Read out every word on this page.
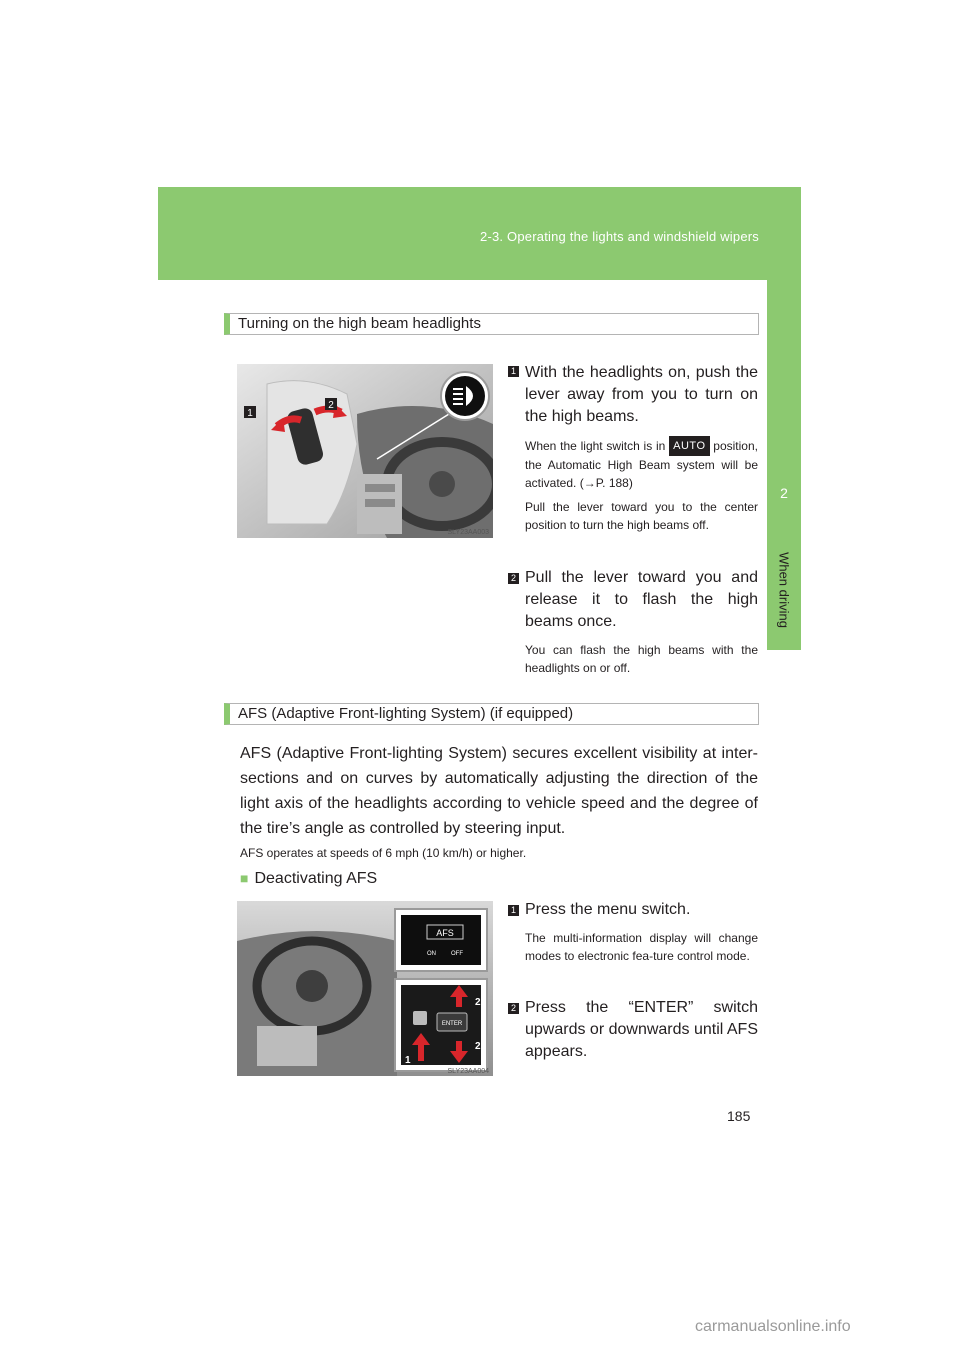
2-3. Operating the lights and windshield wipers
2
When driving
Turning on the high beam headlights
1
2
SLY23AA003
1 With the headlights on, push the lever away from you to turn on the high beams.
When the light switch is in AUTO position, the Automatic High Beam system will be activated. (→P. 188)
Pull the lever toward you to the center position to turn the high beams off.
2 Pull the lever toward you and release it to flash the high beams once.
You can flash the high beams with the headlights on or off.
AFS (Adaptive Front-lighting System) (if equipped)
AFS (Adaptive Front-lighting System) secures excellent visibility at inter-sections and on curves by automatically adjusting the direction of the light axis of the headlights according to vehicle speed and the degree of the tire’s angle as controlled by steering input.
AFS operates at speeds of 6 mph (10 km/h) or higher.
■ Deactivating AFS
AFS
ON	OFF
ENTER
1
2
2
SLY23AA004
1 Press the menu switch.
The multi-information display will change modes to electronic fea-ture control mode.
2 Press the “ENTER” switch upwards or downwards until AFS appears.
185
carmanualsonline.info
